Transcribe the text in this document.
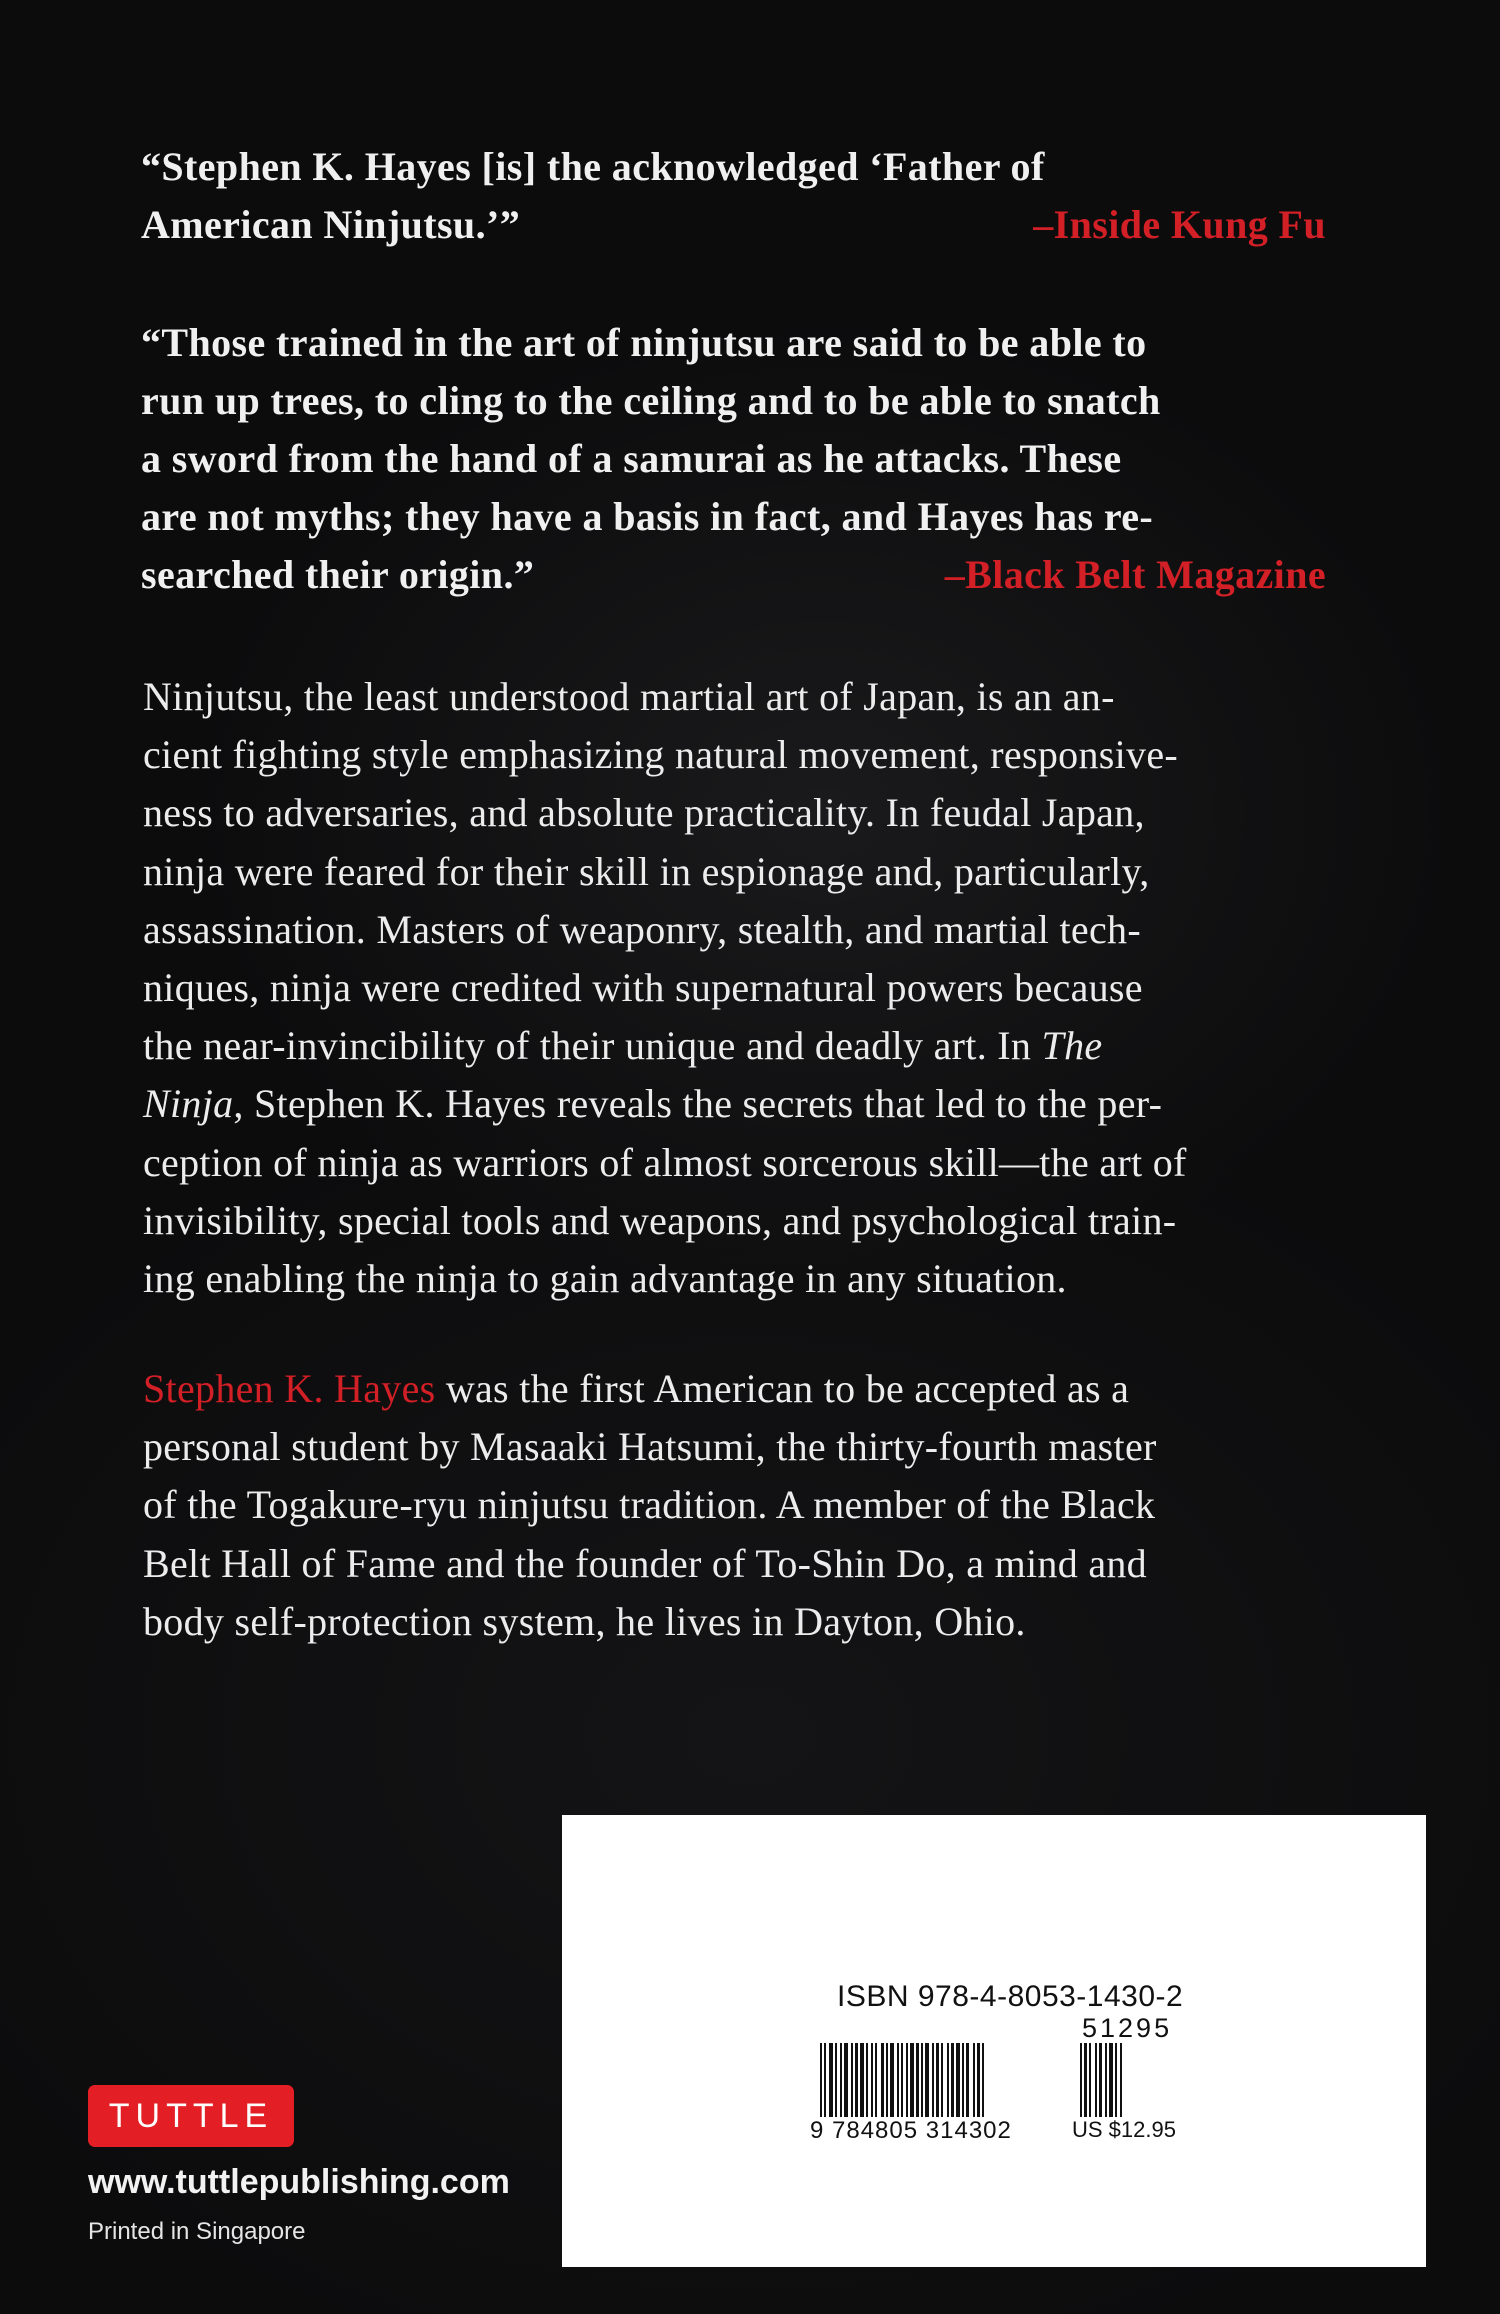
“Stephen K. Hayes [is] the acknowledged ‘Father of
American Ninjutsu.’”	–Inside Kung Fu
“Those trained in the art of ninjutsu are said to be able to
run up trees, to cling to the ceiling and to be able to snatch
a sword from the hand of a samurai as he attacks. These
are not myths; they have a basis in fact, and Hayes has re-
searched their origin.”	–Black Belt Magazine
Ninjutsu, the least understood martial art of Japan, is an an-
cient fighting style emphasizing natural movement, responsive-
ness to adversaries, and absolute practicality. In feudal Japan,
ninja were feared for their skill in espionage and, particularly,
assassination. Masters of weaponry, stealth, and martial tech-
niques, ninja were credited with supernatural powers because
the near-invincibility of their unique and deadly art. In The
Ninja, Stephen K. Hayes reveals the secrets that led to the per-
ception of ninja as warriors of almost sorcerous skill—the art of
invisibility, special tools and weapons, and psychological train-
ing enabling the ninja to gain advantage in any situation.
Stephen K. Hayes was the first American to be accepted as a
personal student by Masaaki Hatsumi, the thirty-fourth master
of the Togakure-ryu ninjutsu tradition. A member of the Black
Belt Hall of Fame and the founder of To-Shin Do, a mind and
body self-protection system, he lives in Dayton, Ohio.
ISBN 978-4-8053-1430-2
51295
9 784805 314302	US $12.95
TUTTLE
www.tuttlepublishing.com
Printed in Singapore
